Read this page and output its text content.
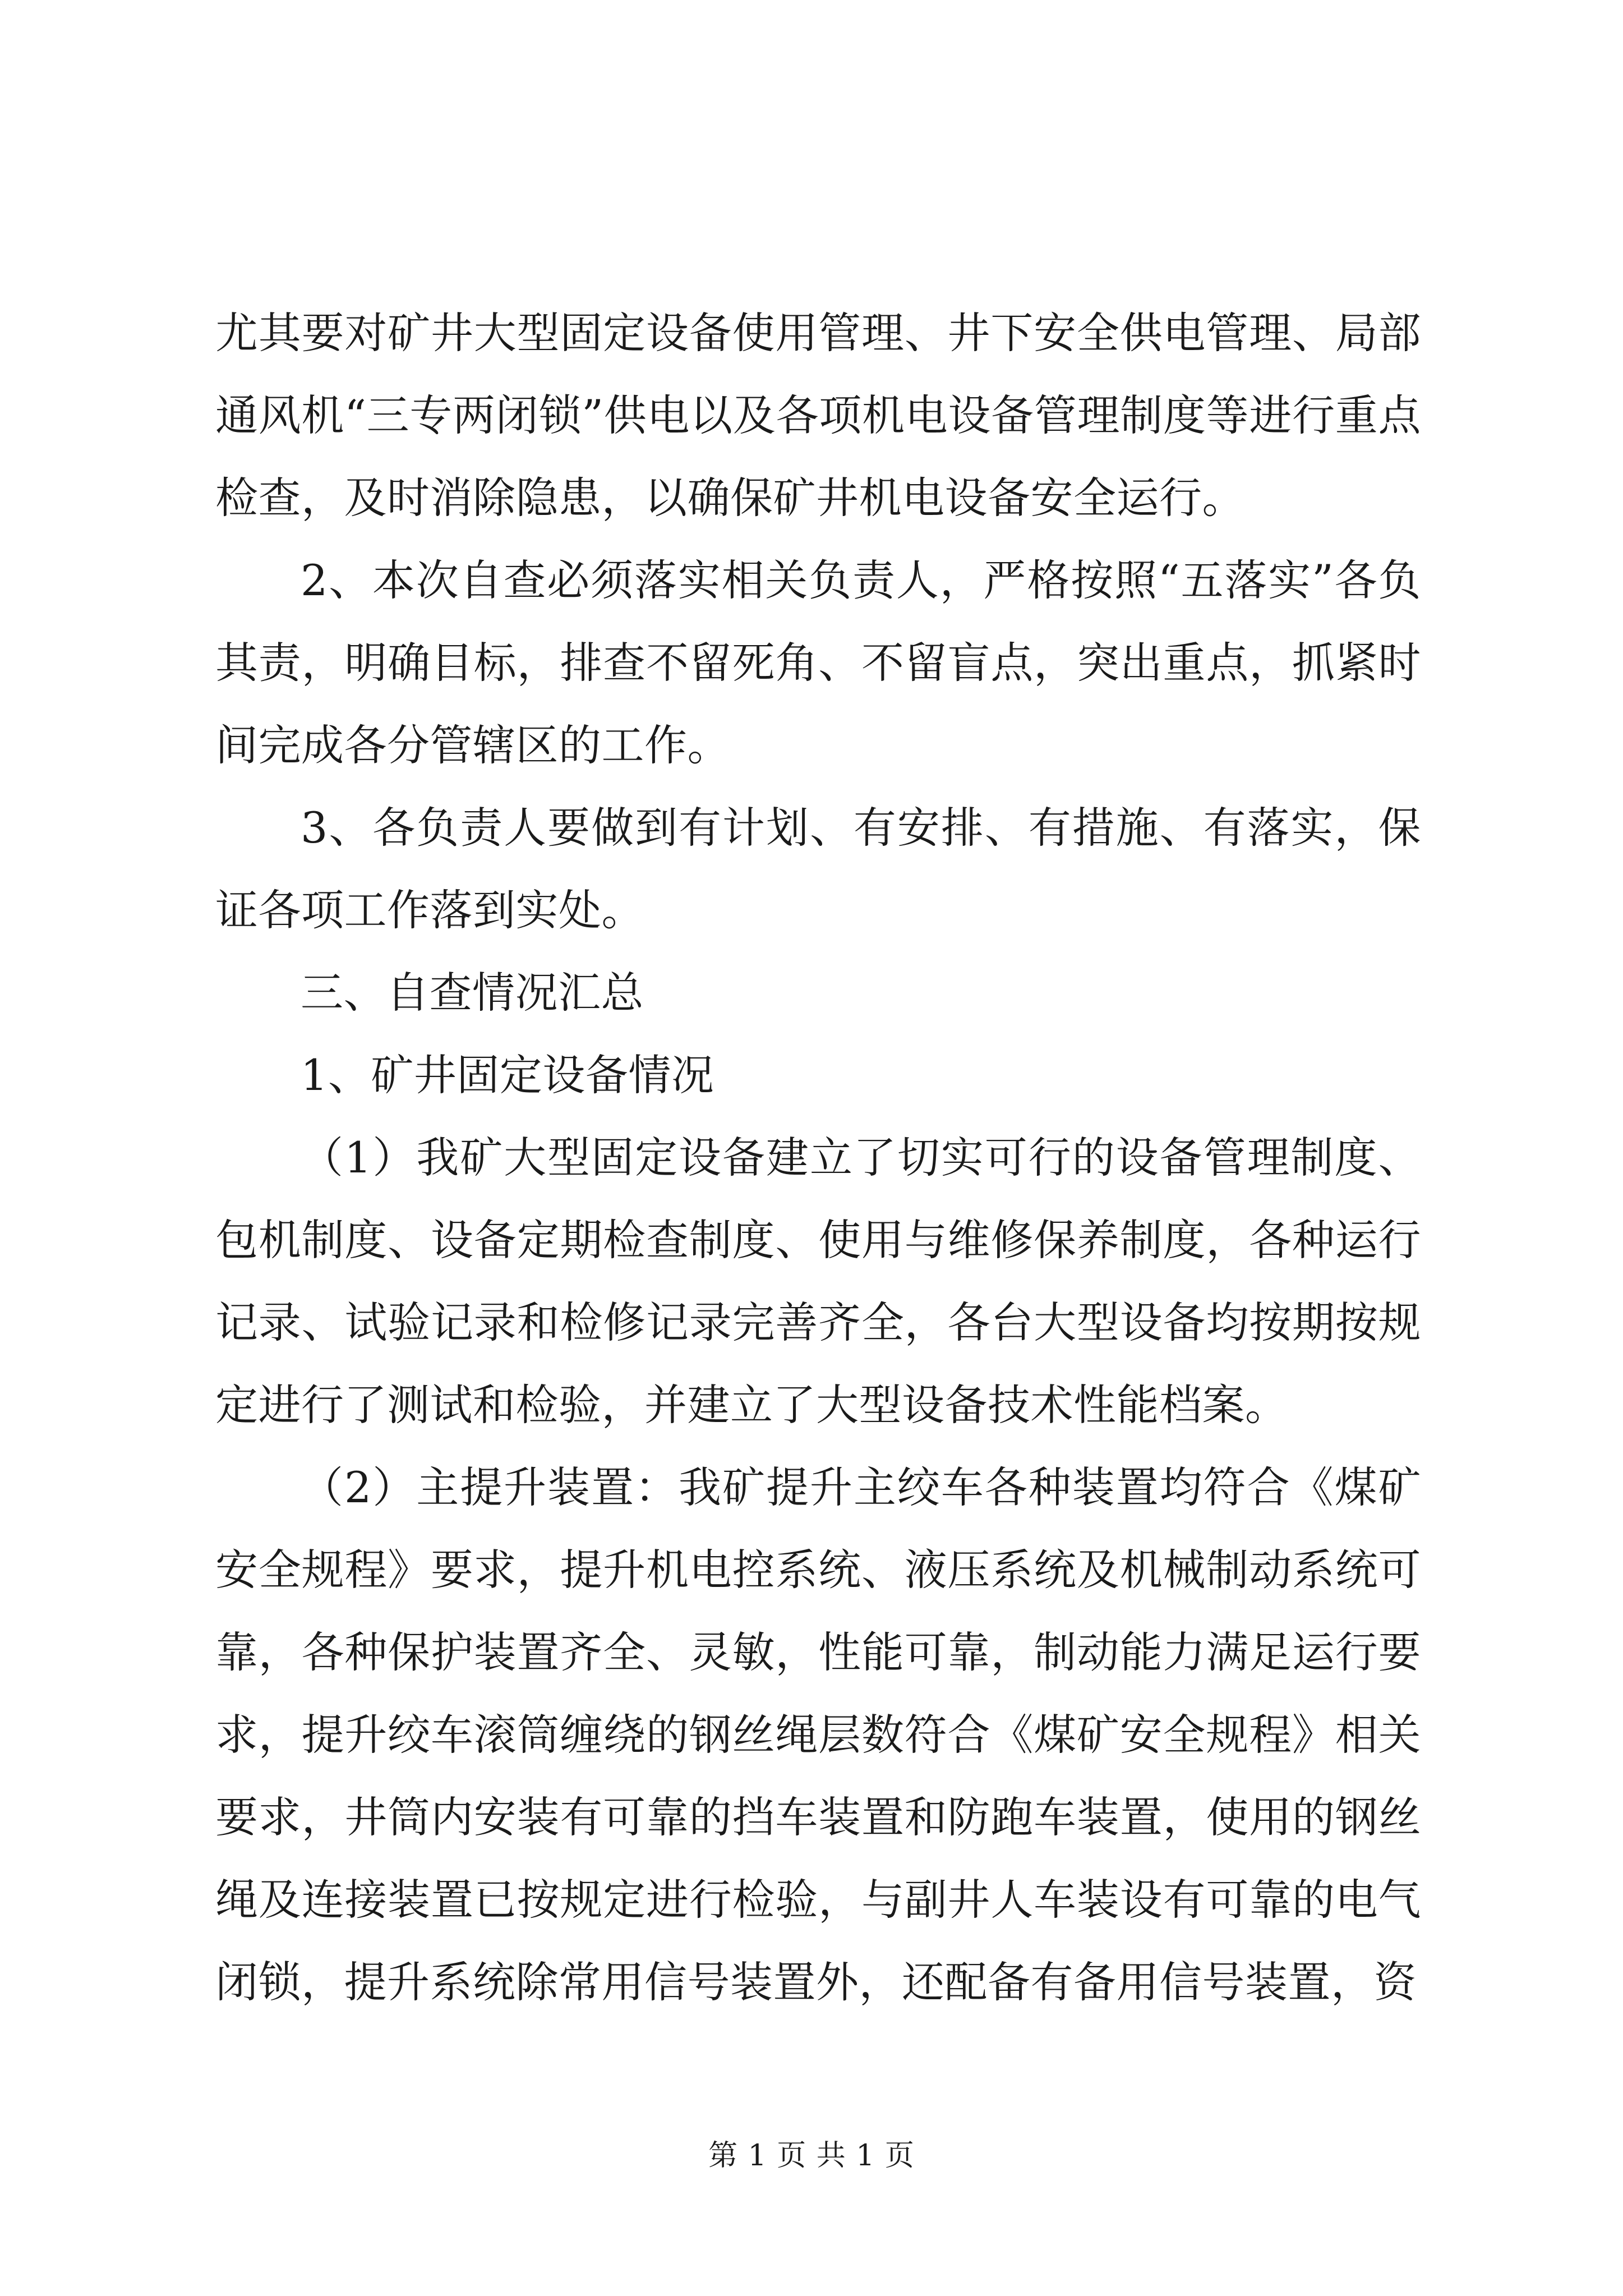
尤其要对矿井大型固定设备使用管理、井下安全供电管理、局部通风机“三专两闭锁”供电以及各项机电设备管理制度等进行重点检查，及时消除隐患，以确保矿井机电设备安全运行。

2、本次自查必须落实相关负责人，严格按照“五落实”各负其责，明确目标，排查不留死角、不留盲点，突出重点，抓紧时间完成各分管辖区的工作。

3、各负责人要做到有计划、有安排、有措施、有落实，保证各项工作落到实处。

三、自查情况汇总

1、矿井固定设备情况

（1）我矿大型固定设备建立了切实可行的设备管理制度、包机制度、设备定期检查制度、使用与维修保养制度，各种运行记录、试验记录和检修记录完善齐全，各台大型设备均按期按规定进行了测试和检验，并建立了大型设备技术性能档案。

（2）主提升装置：我矿提升主绞车各种装置均符合《煤矿安全规程》要求，提升机电控系统、液压系统及机械制动系统可靠，各种保护装置齐全、灵敏，性能可靠，制动能力满足运行要求，提升绞车滚筒缠绕的钢丝绳层数符合《煤矿安全规程》相关要求，井筒内安装有可靠的挡车装置和防跑车装置，使用的钢丝绳及连接装置已按规定进行检验，与副井人车装设有可靠的电气闭锁，提升系统除常用信号装置外，还配备有备用信号装置，资

第 1 页 共 1 页
